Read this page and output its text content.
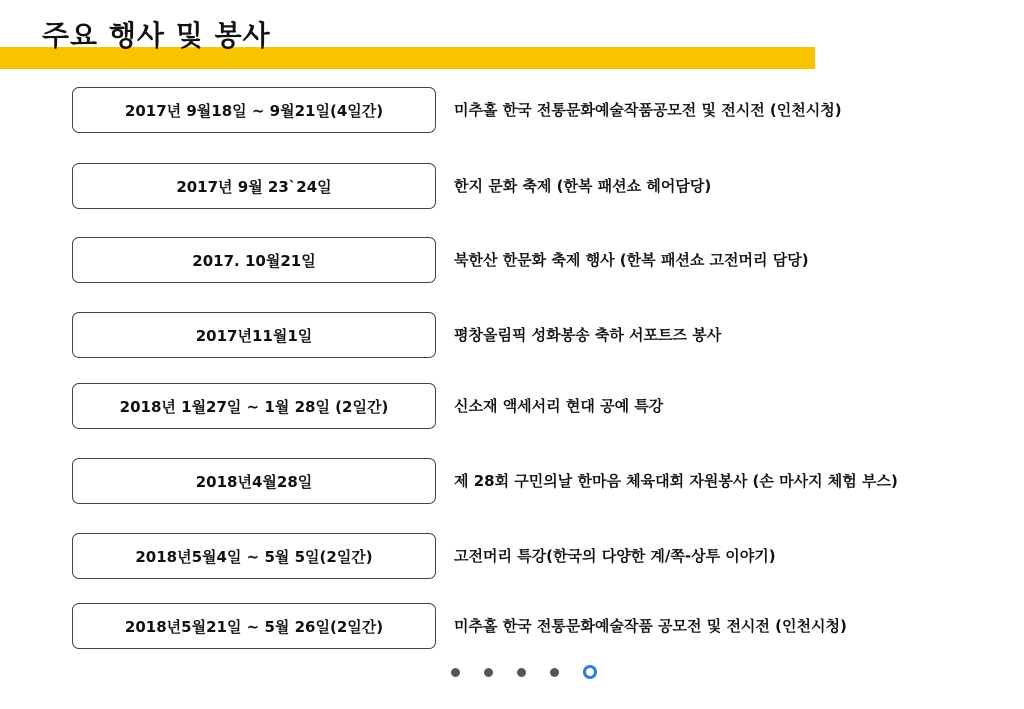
주요 행사 및 봉사
2017년 9월18일 ~ 9월21일(4일간)	미추홀 한국 전통문화예술작품공모전 및 전시전 (인천시청)
2017년 9월 23`24일	한지 문화 축제 (한복 패션쇼 헤어담당)
2017. 10월21일	북한산 한문화 축제 행사 (한복 패션쇼 고전머리 담당)
2017년11월1일	평창올림픽 성화봉송 축하 서포트즈 봉사
2018년 1월27일 ~ 1월 28일 (2일간)	신소재 액세서리 현대 공예 특강
2018년4월28일	제 28회 구민의날 한마음 체육대회 자원봉사 (손 마사지 체험 부스)
2018년5월4일 ~ 5월 5일(2일간)	고전머리 특강(한국의 다양한 계/쪽-상투 이야기)
2018년5월21일 ~ 5월 26일(2일간)	미추홀 한국 전통문화예술작품 공모전 및 전시전 (인천시청)
